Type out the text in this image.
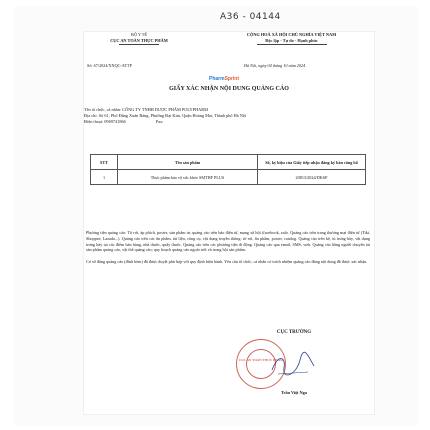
A36 - 04144
BỘ Y TẾ
CỤC AN TOÀN THỰC PHẨM
CỘNG HOÀ XÃ HỘI CHỦ NGHĨA VIỆT NAM
Độc lập - Tự do - Hạnh phúc
Số: 67/2024/XNQC-ATTP	Hà Nội, ngày 04 tháng 10 năm 2024
PharmSprint
GIẤY XÁC NHẬN NỘI DUNG QUẢNG CÁO
Tên tổ chức, cá nhân: CÔNG TY TNHH DƯỢC PHẨM POLYPHARM
Địa chỉ: Số 61, Phố Đặng Xuân Bảng, Phường Đại Kim, Quận Hoàng Mai, Thành phố Hà Nội
Điện thoại: 0969741866	Fax:
STT	Tên sản phẩm	Số, ký hiệu của Giấy tiếp nhận đăng ký bản công bố
1	Thực phẩm bảo vệ sức khỏe SMTHF PLUS	20813/2024/DKSP
Phương tiện quảng cáo: Tờ rơi, áp phích, poster, sản phẩm in, quảng cáo trên báo điện tử, mạng xã hội (facebook, zalo. Quảng cáo trên trang thương mại điện tử (Tiki, Shoppee, Lazada...). Quảng cáo trên các ấn phẩm, tài liệu, công cụ, vật dụng truyền thông: tờ rơi, ấn phẩm, poster, catalog. Quảng cáo trên kệ, tủ trưng bày, vật dụng trưng bày tại các điểm bán hàng, nhà thuốc, quầy thuốc. Quảng cáo trên các phương tiện di động. Quảng cáo qua email, SMS, web. Quảng cáo bằng người chuyển tải sản phẩm quảng cáo, vật thể quảng cáo; quy hoạch quảng cáo ngoài trời và trong hội sản phẩm.
Cơ sở đăng quảng cáo (đính kèm) đã được duyệt phù hợp với quy định hiện hành. Yêu cầu tổ chức, cá nhân có trách nhiệm quảng cáo đúng nội dung đã được xác nhận.
CỤC TRƯỞNG
CỤC AN TOÀN THỰC PHẨM
Trần Việt Nga
